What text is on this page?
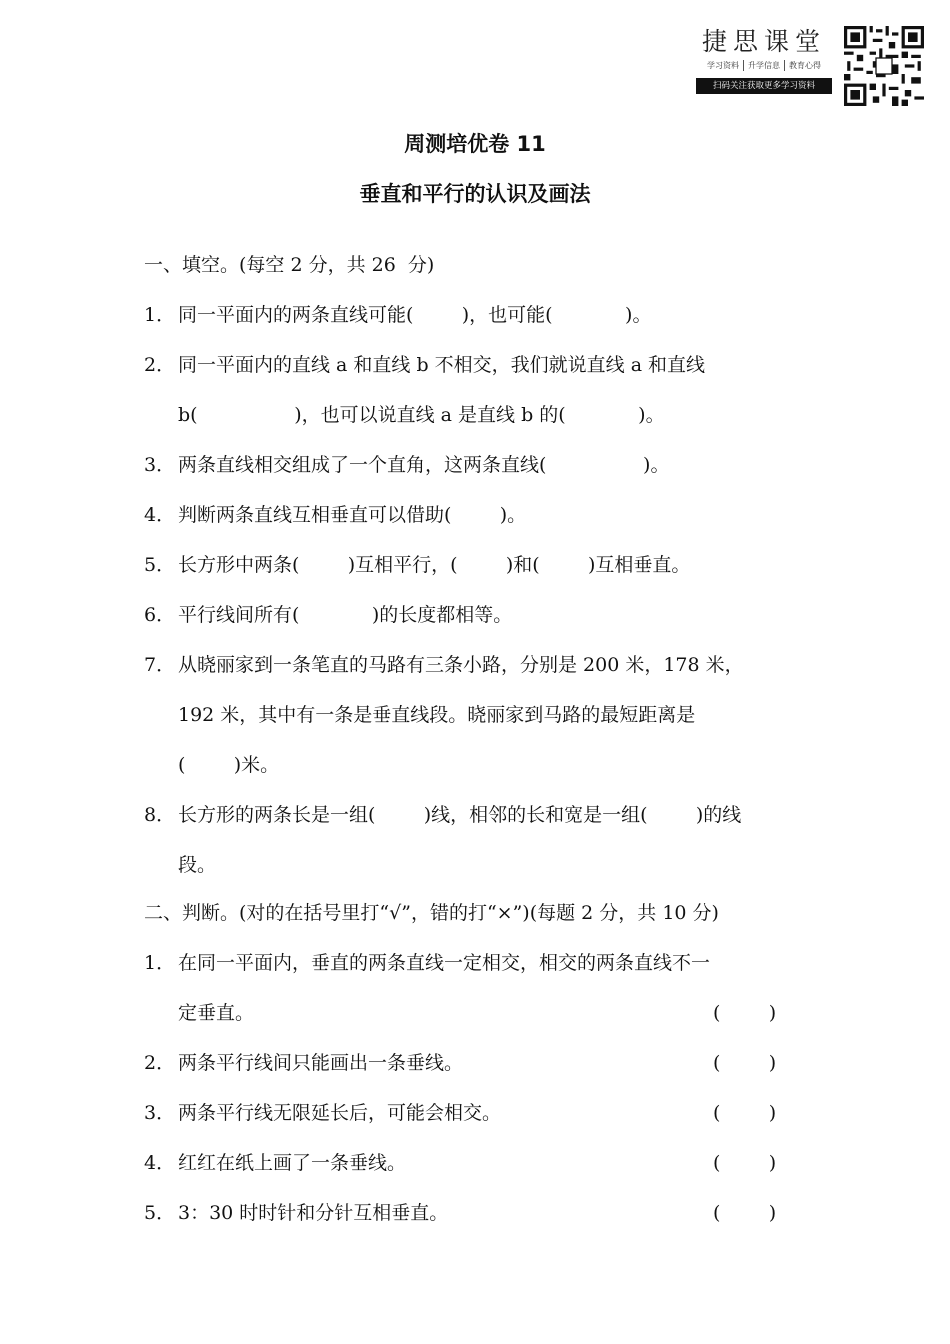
捷思课堂
学习资料	升学信息	教育心得
扫码关注获取更多学习资料
周测培优卷 11
垂直和平行的认识及画法
一、填空。(每空 2 分，共 26  分)
1． 同一平面内的两条直线可能(        )，也可能(            )。
2． 同一平面内的直线 a 和直线 b 不相交，我们就说直线 a 和直线
b(                )，也可以说直线 a 是直线 b 的(            )。
3． 两条直线相交组成了一个直角，这两条直线(                )。
4． 判断两条直线互相垂直可以借助(        )。
5． 长方形中两条(        )互相平行，(        )和(        )互相垂直。
6． 平行线间所有(            )的长度都相等。
7． 从晓丽家到一条笔直的马路有三条小路，分别是 200 米，178 米，
192 米，其中有一条是垂直线段。晓丽家到马路的最短距离是
(        )米。
8． 长方形的两条长是一组(        )线，相邻的长和宽是一组(        )的线
段。
二、判断。(对的在括号里打“√”，错的打“×”)(每题 2 分，共 10 分)
1． 在同一平面内，垂直的两条直线一定相交，相交的两条直线不一
定垂直。	(        )
2． 两条平行线间只能画出一条垂线。	(        )
3． 两条平行线无限延长后，可能会相交。	(        )
4． 红红在纸上画了一条垂线。	(        )
5． 3：30 时时针和分针互相垂直。	(        )
